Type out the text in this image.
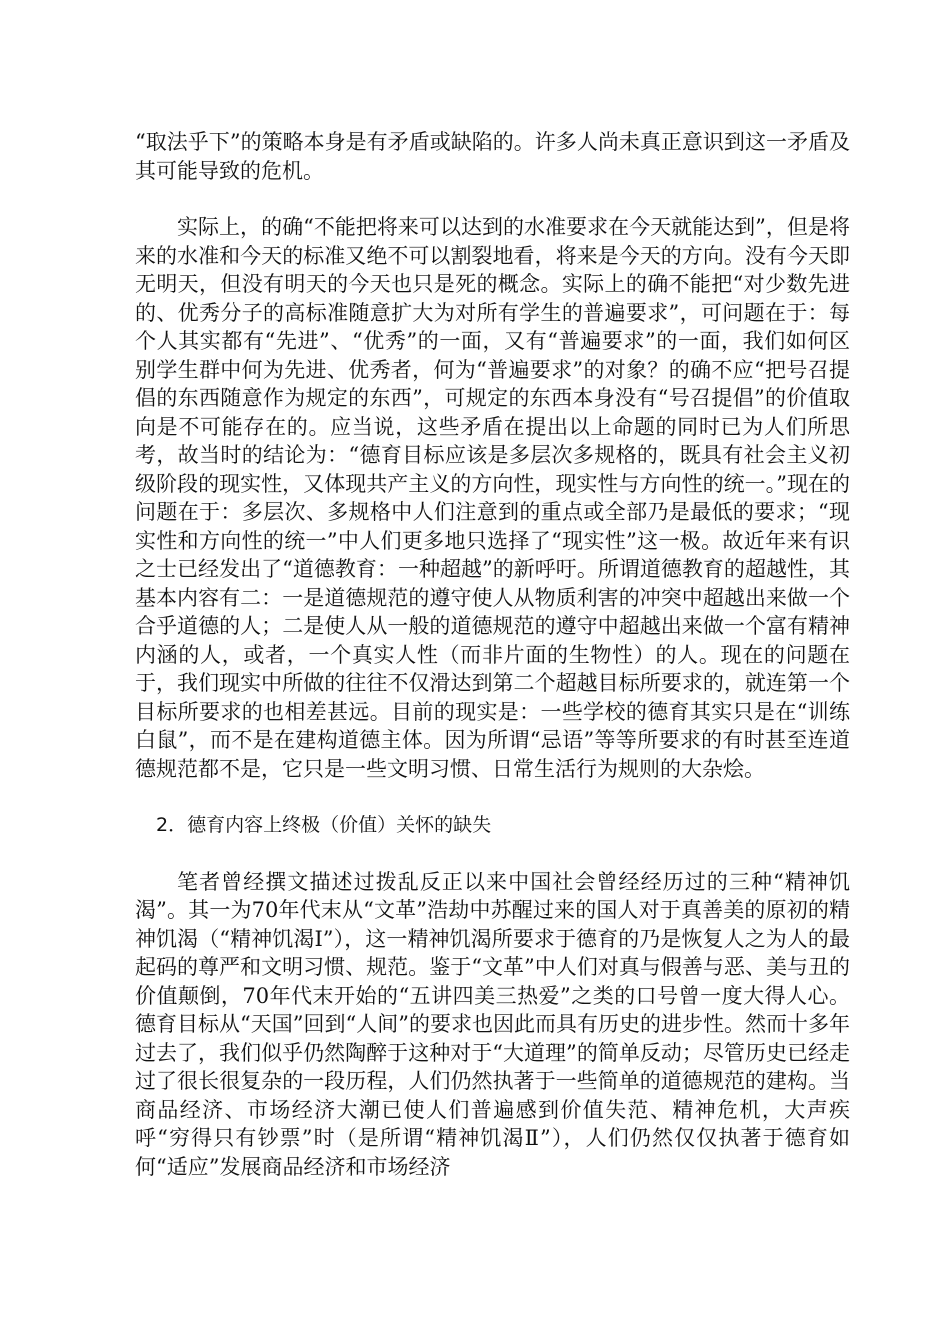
“取法乎下”的策略本身是有矛盾或缺陷的。许多人尚未真正意识到这一矛盾及其可能导致的危机。

实际上，的确“不能把将来可以达到的水准要求在今天就能达到”，但是将来的水准和今天的标准又绝不可以割裂地看，将来是今天的方向。没有今天即无明天，但没有明天的今天也只是死的概念。实际上的确不能把“对少数先进的、优秀分子的高标准随意扩大为对所有学生的普遍要求”，可问题在于：每个人其实都有“先进”、“优秀”的一面，又有“普遍要求”的一面，我们如何区别学生群中何为先进、优秀者，何为“普遍要求”的对象？的确不应“把号召提倡的东西随意作为规定的东西”，可规定的东西本身没有“号召提倡”的价值取向是不可能存在的。应当说，这些矛盾在提出以上命题的同时已为人们所思考，故当时的结论为：“德育目标应该是多层次多规格的，既具有社会主义初级阶段的现实性，又体现共产主义的方向性，现实性与方向性的统一。”现在的问题在于：多层次、多规格中人们注意到的重点或全部乃是最低的要求；“现实性和方向性的统一”中人们更多地只选择了“现实性”这一极。故近年来有识之士已经发出了“道德教育：一种超越”的新呼吁。所谓道德教育的超越性，其基本内容有二：一是道德规范的遵守使人从物质利害的冲突中超越出来做一个合乎道德的人；二是使人从一般的道德规范的遵守中超越出来做一个富有精神内涵的人，或者，一个真实人性（而非片面的生物性）的人。现在的问题在于，我们现实中所做的往往不仅滑达到第二个超越目标所要求的，就连第一个目标所要求的也相差甚远。目前的现实是：一些学校的德育其实只是在“训练白鼠”，而不是在建构道德主体。因为所谓“忌语”等等所要求的有时甚至连道德规范都不是，它只是一些文明习惯、日常生活行为规则的大杂烩。

2．德育内容上终极（价值）关怀的缺失

笔者曾经撰文描述过拨乱反正以来中国社会曾经经历过的三种“精神饥渴”。其一为70年代末从“文革”浩劫中苏醒过来的国人对于真善美的原初的精神饥渴（“精神饥渴Ⅰ”），这一精神饥渴所要求于德育的乃是恢复人之为人的最起码的尊严和文明习惯、规范。鉴于“文革”中人们对真与假善与恶、美与丑的价值颠倒，70年代末开始的“五讲四美三热爱”之类的口号曾一度大得人心。德育目标从“天国”回到“人间”的要求也因此而具有历史的进步性。然而十多年过去了，我们似乎仍然陶醉于这种对于“大道理”的简单反动；尽管历史已经走过了很长很复杂的一段历程，人们仍然执著于一些简单的道德规范的建构。当商品经济、市场经济大潮已使人们普遍感到价值失范、精神危机，大声疾呼“穷得只有钞票”时（是所谓“精神饥渴Ⅱ”），人们仍然仅仅执著于德育如何“适应”发展商品经济和市场经济
